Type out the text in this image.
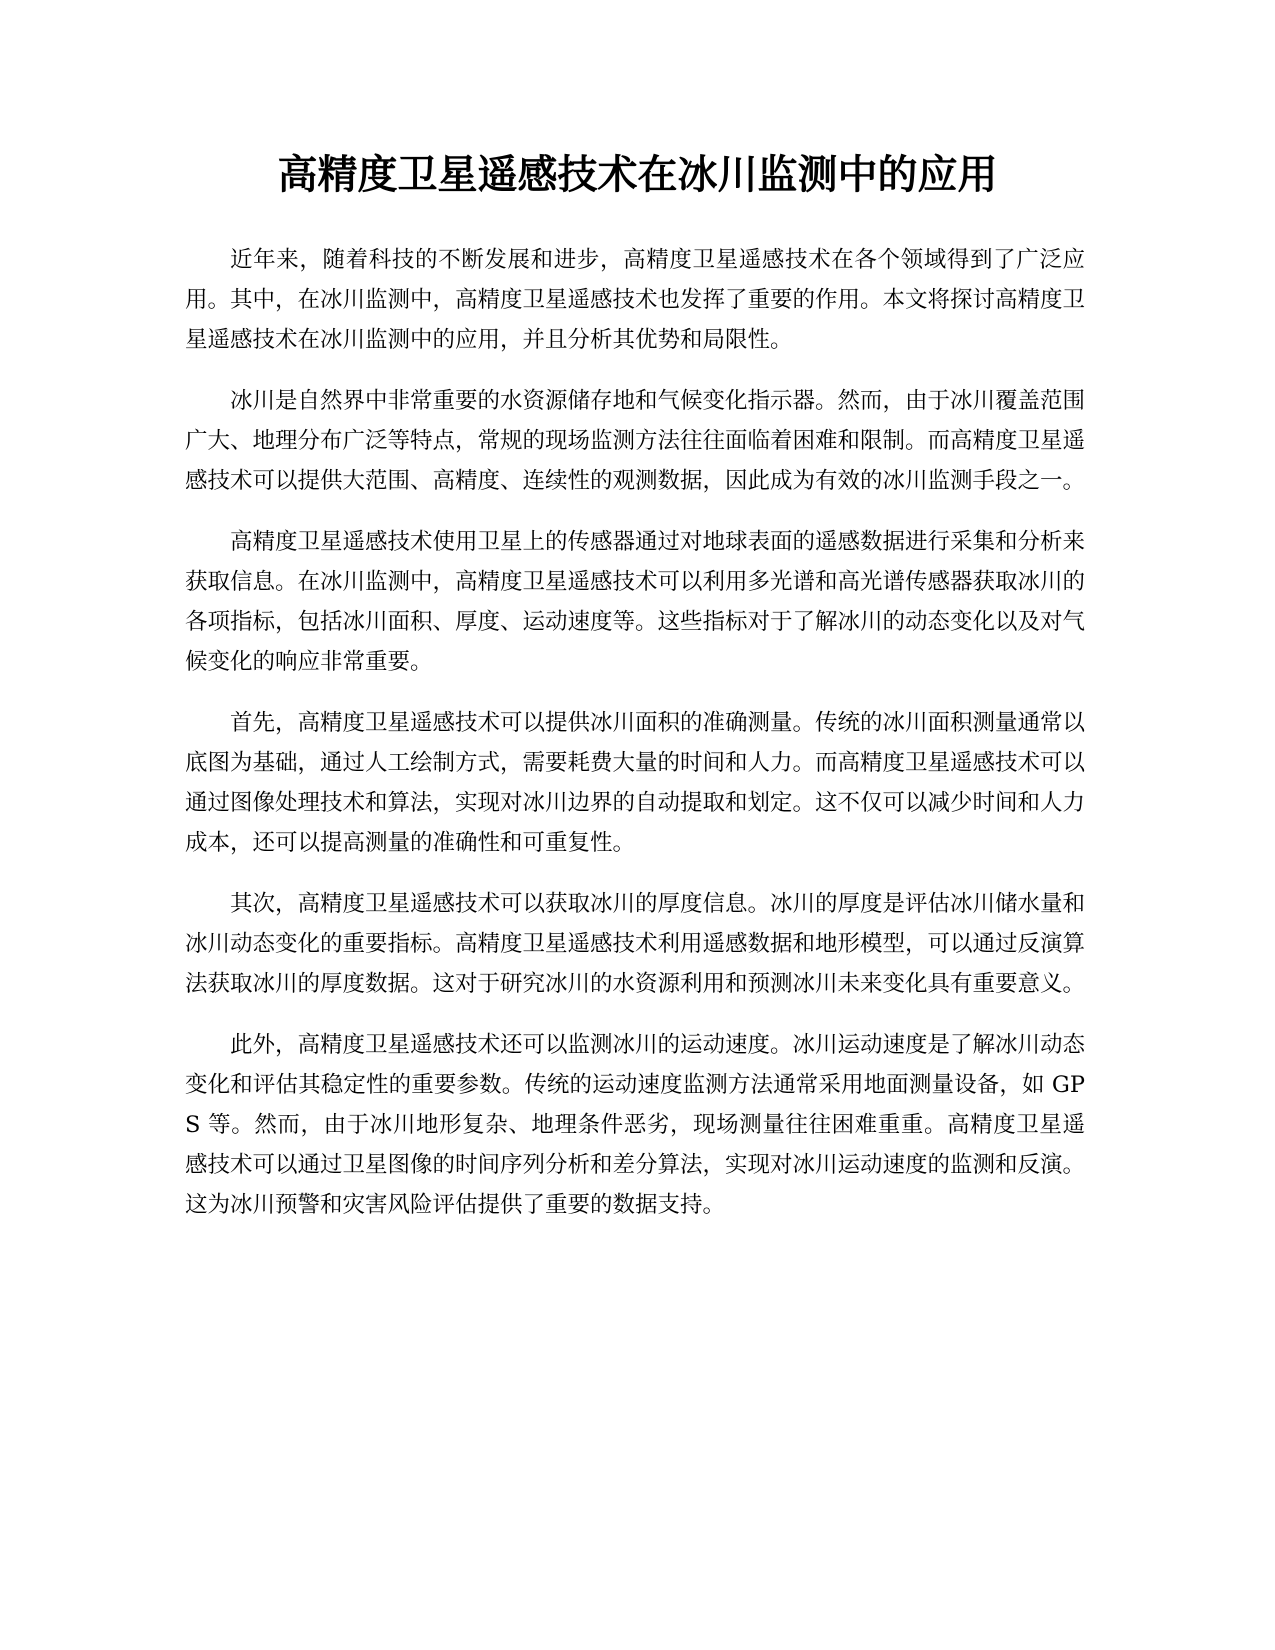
高精度卫星遥感技术在冰川监测中的应用

近年来，随着科技的不断发展和进步，高精度卫星遥感技术在各个领域得到了广泛应用。其中，在冰川监测中，高精度卫星遥感技术也发挥了重要的作用。本文将探讨高精度卫星遥感技术在冰川监测中的应用，并且分析其优势和局限性。

冰川是自然界中非常重要的水资源储存地和气候变化指示器。然而，由于冰川覆盖范围广大、地理分布广泛等特点，常规的现场监测方法往往面临着困难和限制。而高精度卫星遥感技术可以提供大范围、高精度、连续性的观测数据，因此成为有效的冰川监测手段之一。

高精度卫星遥感技术使用卫星上的传感器通过对地球表面的遥感数据进行采集和分析来获取信息。在冰川监测中，高精度卫星遥感技术可以利用多光谱和高光谱传感器获取冰川的各项指标，包括冰川面积、厚度、运动速度等。这些指标对于了解冰川的动态变化以及对气候变化的响应非常重要。

首先，高精度卫星遥感技术可以提供冰川面积的准确测量。传统的冰川面积测量通常以底图为基础，通过人工绘制方式，需要耗费大量的时间和人力。而高精度卫星遥感技术可以通过图像处理技术和算法，实现对冰川边界的自动提取和划定。这不仅可以减少时间和人力成本，还可以提高测量的准确性和可重复性。

其次，高精度卫星遥感技术可以获取冰川的厚度信息。冰川的厚度是评估冰川储水量和冰川动态变化的重要指标。高精度卫星遥感技术利用遥感数据和地形模型，可以通过反演算法获取冰川的厚度数据。这对于研究冰川的水资源利用和预测冰川未来变化具有重要意义。

此外，高精度卫星遥感技术还可以监测冰川的运动速度。冰川运动速度是了解冰川动态变化和评估其稳定性的重要参数。传统的运动速度监测方法通常采用地面测量设备，如 GPS 等。然而，由于冰川地形复杂、地理条件恶劣，现场测量往往困难重重。高精度卫星遥感技术可以通过卫星图像的时间序列分析和差分算法，实现对冰川运动速度的监测和反演。这为冰川预警和灾害风险评估提供了重要的数据支持。
